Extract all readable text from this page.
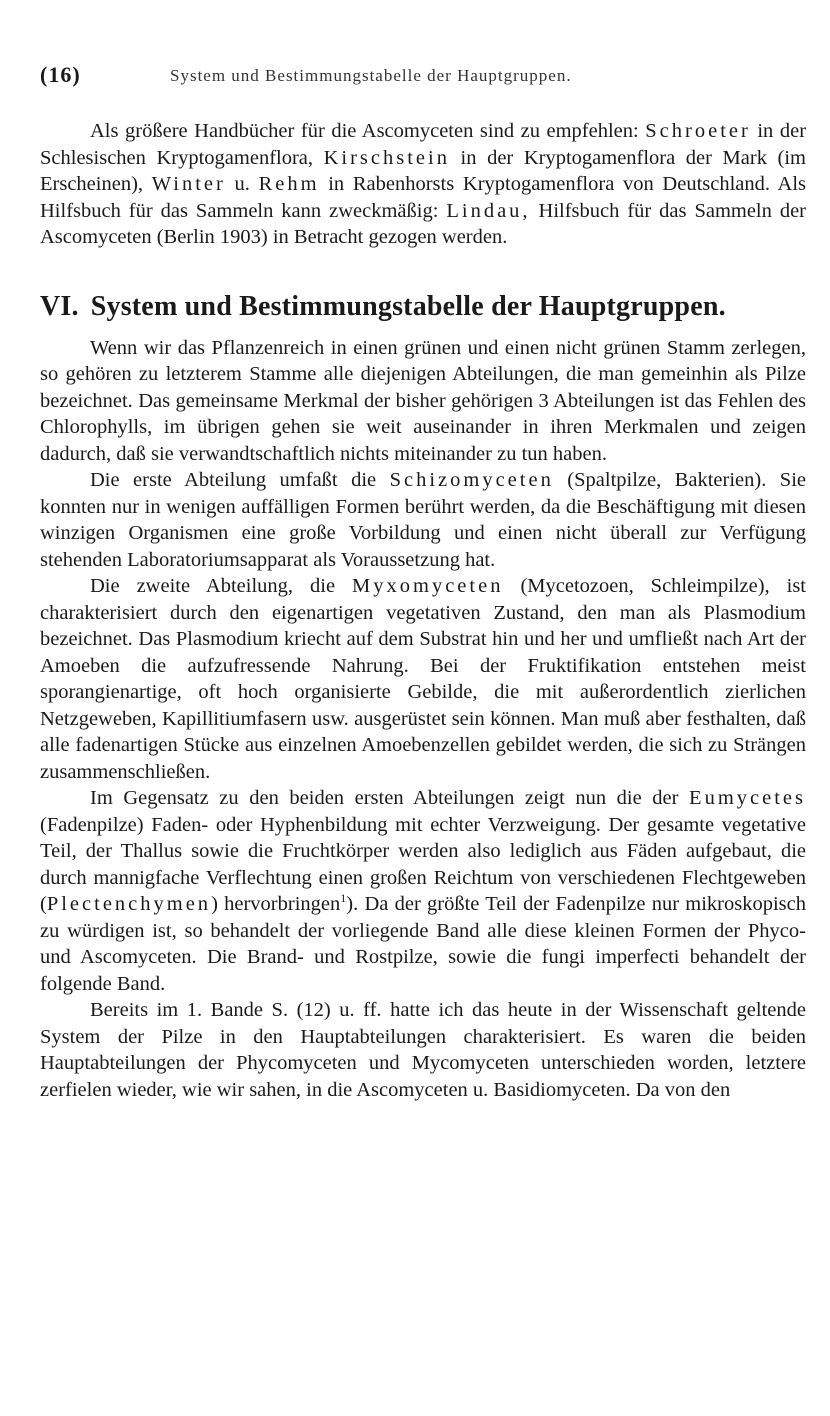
(16)	System und Bestimmungstabelle der Hauptgruppen.

Als größere Handbücher für die Ascomyceten sind zu empfehlen: Schroeter in der Schlesischen Kryptogamenflora, Kirschstein in der Kryptogamenflora der Mark (im Erscheinen), Winter u. Rehm in Rabenhorsts Kryptogamenflora von Deutschland. Als Hilfsbuch für das Sammeln kann zweckmäßig: Lindau, Hilfsbuch für das Sammeln der Ascomyceten (Berlin 1903) in Betracht gezogen werden.

VI. System und Bestimmungstabelle der Hauptgruppen.

Wenn wir das Pflanzenreich in einen grünen und einen nicht grünen Stamm zerlegen, so gehören zu letzterem Stamme alle diejenigen Abteilungen, die man gemeinhin als Pilze bezeichnet. Das gemeinsame Merkmal der bisher gehörigen 3 Abteilungen ist das Fehlen des Chlorophylls, im übrigen gehen sie weit auseinander in ihren Merkmalen und zeigen dadurch, daß sie verwandtschaftlich nichts miteinander zu tun haben.

Die erste Abteilung umfaßt die Schizomyceten (Spaltpilze, Bakterien). Sie konnten nur in wenigen auffälligen Formen berührt werden, da die Beschäftigung mit diesen winzigen Organismen eine große Vorbildung und einen nicht überall zur Verfügung stehenden Laboratoriumsapparat als Voraussetzung hat.

Die zweite Abteilung, die Myxomyceten (Mycetozoen, Schleimpilze), ist charakterisiert durch den eigenartigen vegetativen Zustand, den man als Plasmodium bezeichnet. Das Plasmodium kriecht auf dem Substrat hin und her und umfließt nach Art der Amoeben die aufzufressende Nahrung. Bei der Fruktifikation entstehen meist sporangienartige, oft hoch organisierte Gebilde, die mit außerordentlich zierlichen Netzgeweben, Kapillitiumfasern usw. ausgerüstet sein können. Man muß aber festhalten, daß alle fadenartigen Stücke aus einzelnen Amoebenzellen gebildet werden, die sich zu Strängen zusammenschließen.

Im Gegensatz zu den beiden ersten Abteilungen zeigt nun die der Eumycetes (Fadenpilze) Faden- oder Hyphenbildung mit echter Verzweigung. Der gesamte vegetative Teil, der Thallus sowie die Fruchtkörper werden also lediglich aus Fäden aufgebaut, die durch mannigfache Verflechtung einen großen Reichtum von verschiedenen Flechtgeweben (Plectenchymen) hervorbringen$^1$). Da der größte Teil der Fadenpilze nur mikroskopisch zu würdigen ist, so behandelt der vorliegende Band alle diese kleinen Formen der Phyco- und Ascomyceten. Die Brand- und Rostpilze, sowie die fungi imperfecti behandelt der folgende Band.

Bereits im 1. Bande S. (12) u. ff. hatte ich das heute in der Wissenschaft geltende System der Pilze in den Hauptabteilungen charakterisiert. Es waren die beiden Hauptabteilungen der Phycomyceten und Mycomyceten unterschieden worden, letztere zerfielen wieder, wie wir sahen, in die Ascomyceten u. Basidiomyceten. Da von den
